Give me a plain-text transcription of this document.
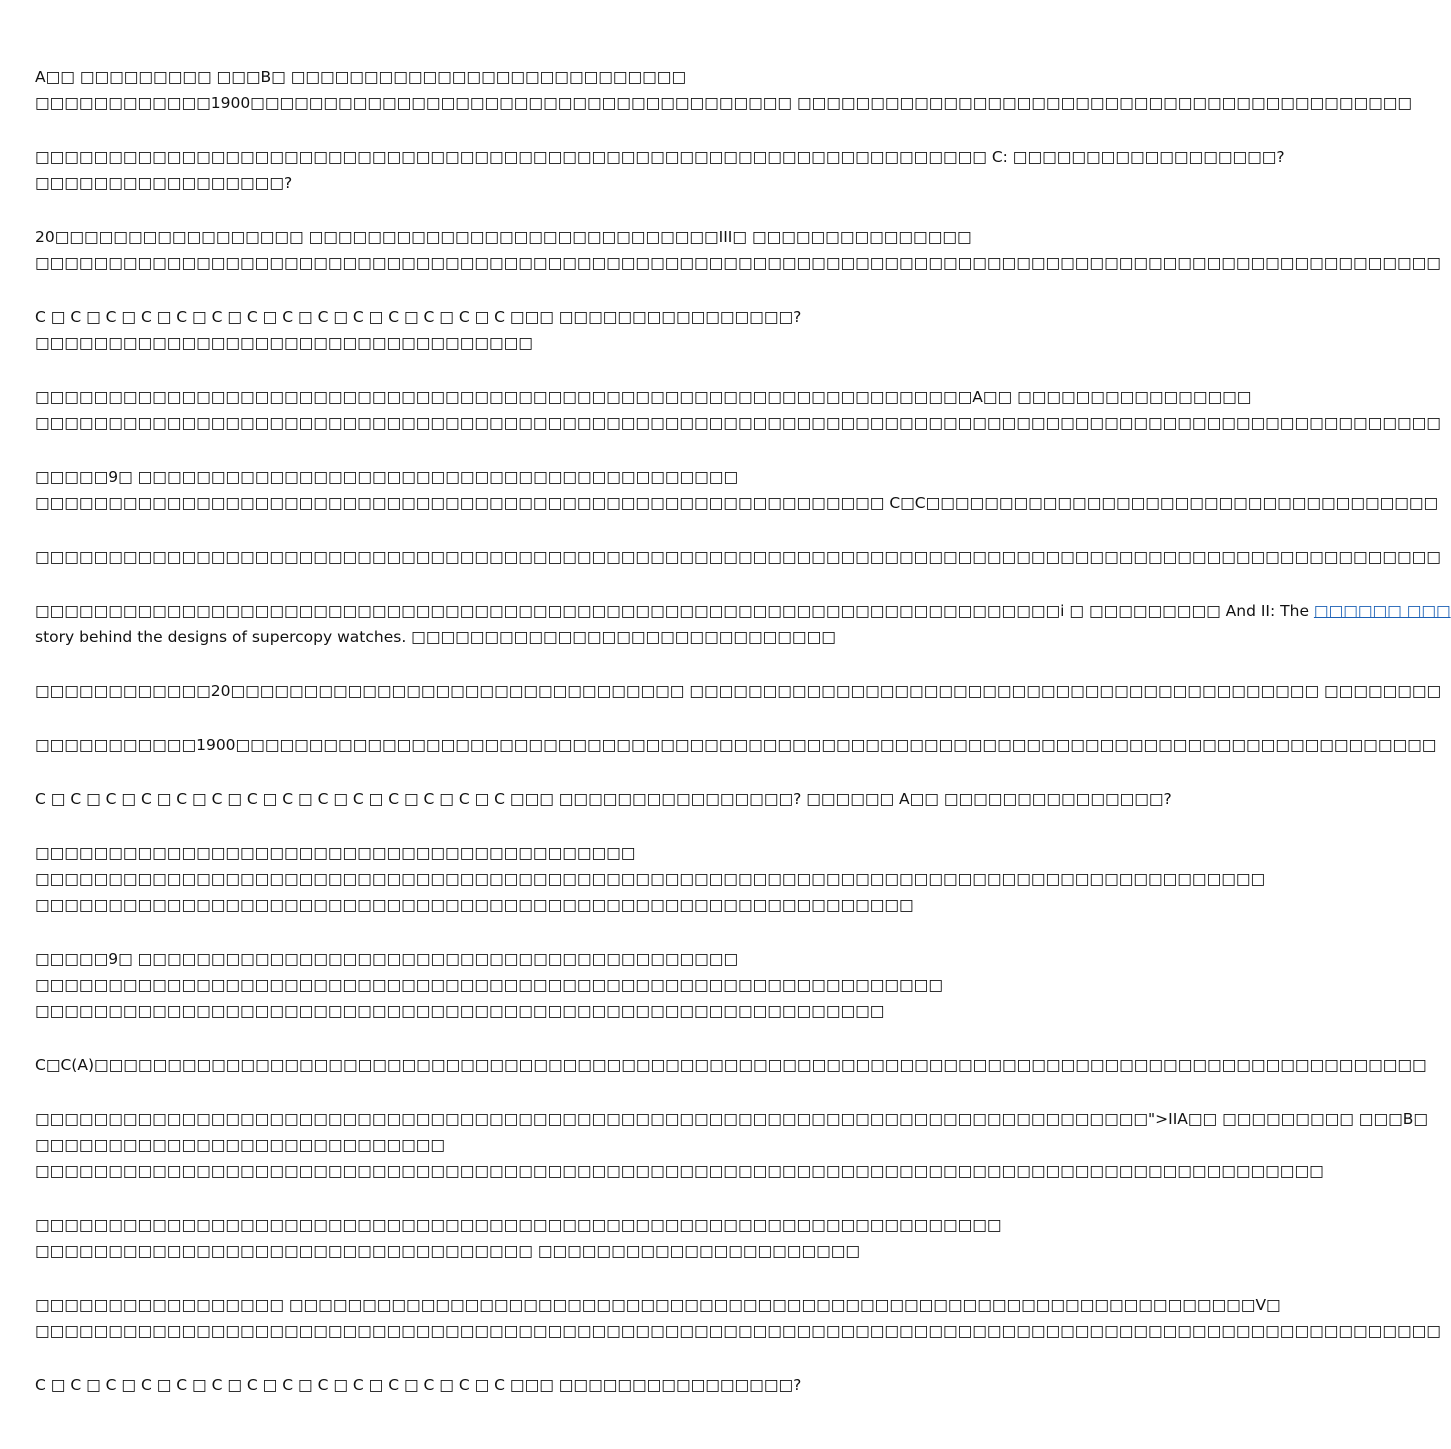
A□□ □□□□□□□□□ □□□B□ □□□□□□□□□□□□□□□□□□□□□□□□□□□
□□□□□□□□□□□□1900□□□□□□□□□□□□□□□□□□□□□□□□□□□□□□□□□□□□□ □□□□□□□□□□□□□□□□□□□□□□□□□□□□□□□□□□□□□□□□□□

□□□□□□□□□□□□□□□□□□□□□□□□□□□□□□□□□□□□□□□□□□□□□□□□□□□□□□□□□□□□□□□□□ C: □□□□□□□□□□□□□□□□□□?
□□□□□□□□□□□□□□□□□?

20□□□□□□□□□□□□□□□□□ □□□□□□□□□□□□□□□□□□□□□□□□□□□□III□ □□□□□□□□□□□□□□□
□□□□□□□□□□□□□□□□□□□□□□□□□□□□□□□□□□□□□□□□□□□□□□□□□□□□□□□□□□□□□□□□□□□□□□□□□□□□□□□□□□□□□□□□□□□□□□□□

C □ C □ C □ C □ C □ C □ C □ C □ C □ C □ C □ C □ C □ C □□□ □□□□□□□□□□□□□□□□?
□□□□□□□□□□□□□□□□□□□□□□□□□□□□□□□□□□

□□□□□□□□□□□□□□□□□□□□□□□□□□□□□□□□□□□□□□□□□□□□□□□□□□□□□□□□□□□□□□□□A□□ □□□□□□□□□□□□□□□□
□□□□□□□□□□□□□□□□□□□□□□□□□□□□□□□□□□□□□□□□□□□□□□□□□□□□□□□□□□□□□□□□□□□□□□□□□□□□□□□□□□□□□□□□□□□□□□□□

□□□□□9□ □□□□□□□□□□□□□□□□□□□□□□□□□□□□□□□□□□□□□□□□□
□□□□□□□□□□□□□□□□□□□□□□□□□□□□□□□□□□□□□□□□□□□□□□□□□□□□□□□□□□ C□C□□□□□□□□□□□□□□□□□□□□□□□□□□□□□□□□□□□

□□□□□□□□□□□□□□□□□□□□□□□□□□□□□□□□□□□□□□□□□□□□□□□□□□□□□□□□□□□□□□□□□□□□□□□□□□□□□□□□□□□□□□□□□□□□□□□□

□□□□□□□□□□□□□□□□□□□□□□□□□□□□□□□□□□□□□□□□□□□□□□□□□□□□□□□□□□□□□□□□□□□□□□i □ □□□□□□□□□ And II: The □□□□□□ □□□
story behind the designs of supercopy watches. □□□□□□□□□□□□□□□□□□□□□□□□□□□□□

□□□□□□□□□□□□20□□□□□□□□□□□□□□□□□□□□□□□□□□□□□□□ □□□□□□□□□□□□□□□□□□□□□□□□□□□□□□□□□□□□□□□□□□□ □□□□□□□□

□□□□□□□□□□□1900□□□□□□□□□□□□□□□□□□□□□□□□□□□□□□□□□□□□□□□□□□□□□□□□□□□□□□□□□□□□□□□□□□□□□□□□□□□□□□□□□□

C □ C □ C □ C □ C □ C □ C □ C □ C □ C □ C □ C □ C □ C □□□ □□□□□□□□□□□□□□□□? □□□□□□ A□□ □□□□□□□□□□□□□□□?

□□□□□□□□□□□□□□□□□□□□□□□□□□□□□□□□□□□□□□□□□
□□□□□□□□□□□□□□□□□□□□□□□□□□□□□□□□□□□□□□□□□□□□□□□□□□□□□□□□□□□□□□□□□□□□□□□□□□□□□□□□□□□□
□□□□□□□□□□□□□□□□□□□□□□□□□□□□□□□□□□□□□□□□□□□□□□□□□□□□□□□□□□□□

□□□□□9□ □□□□□□□□□□□□□□□□□□□□□□□□□□□□□□□□□□□□□□□□□
□□□□□□□□□□□□□□□□□□□□□□□□□□□□□□□□□□□□□□□□□□□□□□□□□□□□□□□□□□□□□□
□□□□□□□□□□□□□□□□□□□□□□□□□□□□□□□□□□□□□□□□□□□□□□□□□□□□□□□□□□

C□C(A)□□□□□□□□□□□□□□□□□□□□□□□□□□□□□□□□□□□□□□□□□□□□□□□□□□□□□□□□□□□□□□□□□□□□□□□□□□□□□□□□□□□□□□□□□□□

□□□□□□□□□□□□□□□□□□□□□□□□□□□□□□□□□□□□□□□□□□□□□□□□□□□□□□□□□□□□□□□□□□□□□□□□□□□□">IIA□□ □□□□□□□□□ □□□B□
□□□□□□□□□□□□□□□□□□□□□□□□□□□□
□□□□□□□□□□□□□□□□□□□□□□□□□□□□□□□□□□□□□□□□□□□□□□□□□□□□□□□□□□□□□□□□□□□□□□□□□□□□□□□□□□□□□□□□

□□□□□□□□□□□□□□□□□□□□□□□□□□□□□□□□□□□□□□□□□□□□□□□□□□□□□□□□□□□□□□□□□□
□□□□□□□□□□□□□□□□□□□□□□□□□□□□□□□□□□ □□□□□□□□□□□□□□□□□□□□□□

□□□□□□□□□□□□□□□□□ □□□□□□□□□□□□□□□□□□□□□□□□□□□□□□□□□□□□□□□□□□□□□□□□□□□□□□□□□□□□□□□□□□V□
□□□□□□□□□□□□□□□□□□□□□□□□□□□□□□□□□□□□□□□□□□□□□□□□□□□□□□□□□□□□□□□□□□□□□□□□□□□□□□□□□□□□□□□□□□□□□□□□

C □ C □ C □ C □ C □ C □ C □ C □ C □ C □ C □ C □ C □ C □□□ □□□□□□□□□□□□□□□□?
